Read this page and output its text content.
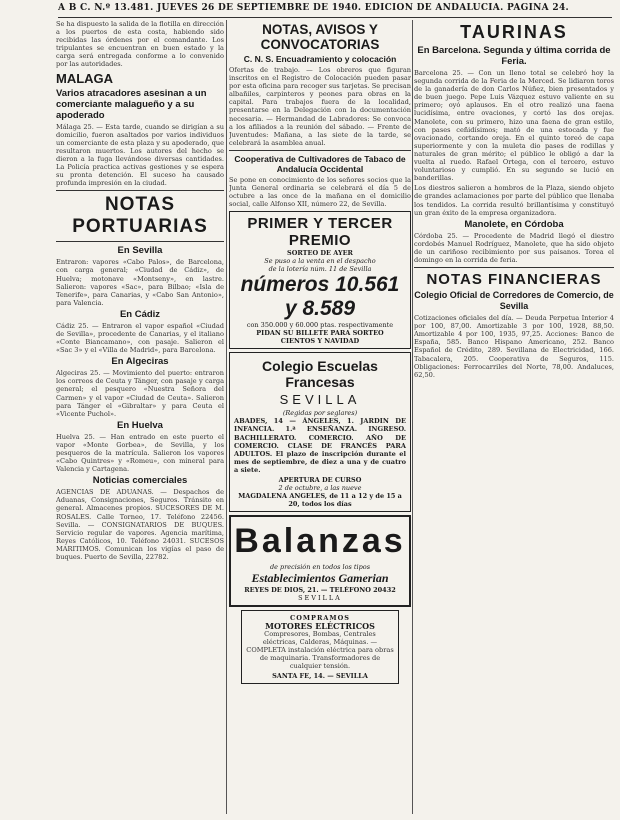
A B C. N.º 13.481. JUEVES 26 DE SEPTIEMBRE DE 1940. EDICION DE ANDALUCIA. PAGINA 24.

Se ha dispuesto la salida de la flotilla en dirección a los puertos de esta costa, habiendo sido recibidas las órdenes por el comandante. Los tripulantes se encuentran en buen estado y la carga será entregada conforme a lo convenido por las autoridades.

MALAGA
Varios atracadores asesinan a un comerciante malagueño y a su apoderado

Málaga 25. — Esta tarde, cuando se dirigían a su domicilio, fueron asaltados por varios individuos un comerciante de esta plaza y su apoderado, que resultaron muertos. Los autores del hecho se dieron a la fuga llevándose diversas cantidades. La Policía practica activas gestiones y se espera su pronta detención. El suceso ha causado profunda impresión en la ciudad.

NOTAS PORTUARIAS
En Sevilla

Entraron: vapores «Cabo Palos», de Barcelona, con carga general; «Ciudad de Cádiz», de Huelva; motonave «Montseny», en lastre. Salieron: vapores «Sac», para Bilbao; «Isla de Tenerife», para Canarias, y «Cabo San Antonio», para Valencia.

En Cádiz

Cádiz 25. — Entraron el vapor español «Ciudad de Sevilla», procedente de Canarias, y el italiano «Conte Biancamano», con pasaje. Salieron el «Sac 3» y el «Villa de Madrid», para Barcelona.

En Algeciras

Algeciras 25. — Movimiento del puerto: entraron los correos de Ceuta y Tánger, con pasaje y carga general; el pesquero «Nuestra Señora del Carmen» y el vapor «Ciudad de Ceuta». Salieron para Tánger el «Gibraltar» y para Ceuta el «Vicente Puchol».

En Huelva

Huelva 25. — Han entrado en este puerto el vapor «Monte Gorbea», de Sevilla, y los pesqueros de la matrícula. Salieron los vapores «Cabo Quintres» y «Romeu», con mineral para Valencia y Cartagena.

Noticias comerciales

AGENCIAS DE ADUANAS. — Despachos de Aduanas, Consignaciones, Seguros. Tránsito en general. Almacenes propios. SUCESORES DE M. ROSALES. Calle Torneo, 17. Teléfono 22456. Sevilla. — CONSIGNATARIOS DE BUQUES. Servicio regular de vapores. Agencia marítima, Reyes Católicos, 10. Teléfono 24031. SUCESOS MARITIMOS. Comunican los vigías el paso de buques. Puerto de Sevilla, 22782.

NOTAS, AVISOS Y CONVOCATORIAS
C. N. S. Encuadramiento y colocación

Ofertas de trabajo. — Los obreros que figuran inscritos en el Registro de Colocación pueden pasar por esta oficina para recoger sus tarjetas. Se precisan albañiles, carpinteros y peones para obras en la capital. Para trabajos fuera de la localidad, presentarse en la Delegación con la documentación necesaria. — Hermandad de Labradores: Se convoca a los afiliados a la reunión del sábado. — Frente de Juventudes: Mañana, a las siete de la tarde, se celebrará la asamblea anual.

Cooperativa de Cultivadores de Tabaco de Andalucía Occidental

Se pone en conocimiento de los señores socios que la Junta General ordinaria se celebrará el día 5 de octubre a las once de la mañana en el domicilio social, calle Alfonso XII, número 22, de Sevilla.

PRIMER Y TERCER PREMIO
SORTEO DE AYER
Se puso a la venta en el despacho
de la lotería núm. 11 de Sevilla
números 10.561 y 8.589
con 350.000 y 60.000 ptas. respectivamente
PIDAN SU BILLETE PARA SORTEO
CIENTOS Y NAVIDAD
Colegio Escuelas Francesas
SEVILLA
(Regidas por seglares)

ABADES, 14 — ÁNGELES, 1. JARDIN DE INFANCIA. 1.ª ENSEÑANZA. INGRESO. BACHILLERATO. COMERCIO. AÑO DE COMERCIO. CLASE DE FRANCÉS PARA ADULTOS. El plazo de inscripción durante el mes de septiembre, de diez a una y de cuatro a siete.

APERTURA DE CURSO
2 de octubre, a las nueve
MAGDALENA ANGELES, de 11 a 12 y de 15 a 20, todos los días
Balanzas
de precisión en todos los tipos
Establecimientos Gamerian
REYES DE DIOS, 21. — TELÉFONO 20432
SEVILLA
COMPRAMOS
MOTORES ELÉCTRICOS

Compresores, Bombas, Centrales eléctricas, Calderas, Máquinas. — COMPLETA instalación eléctrica para obras de maquinaria. Transformadores de cualquier tensión.

SANTA FE, 14. — SEVILLA
TAURINAS
En Barcelona. Segunda y última corrida de Feria.

Barcelona 25. — Con un lleno total se celebró hoy la segunda corrida de la Feria de la Merced. Se lidiaron toros de la ganadería de don Carlos Núñez, bien presentados y de buen juego. Pepe Luis Vázquez estuvo valiente en su primero; oyó aplausos. En el otro realizó una faena lucidísima, entre ovaciones, y cortó las dos orejas. Manolete, con su primero, hizo una faena de gran estilo, con pases ceñidísimos; mató de una estocada y fue ovacionado, cortando oreja. En el quinto toreó de capa superiormente y con la muleta dio pases de rodillas y naturales de gran mérito; el público le obligó a dar la vuelta al ruedo. Rafael Ortega, con el tercero, estuvo voluntarioso y cumplió. En su segundo se lució en banderillas.

Los diestros salieron a hombros de la Plaza, siendo objeto de grandes aclamaciones por parte del público que llenaba los tendidos. La corrida resultó brillantísima y constituyó un gran éxito de la empresa organizadora.

Manolete, en Córdoba

Córdoba 25. — Procedente de Madrid llegó el diestro cordobés Manuel Rodríguez, Manolete, que ha sido objeto de un cariñoso recibimiento por sus paisanos. Torea el domingo en la corrida de feria.

NOTAS FINANCIERAS
Colegio Oficial de Corredores de Comercio, de Sevilla

Cotizaciones oficiales del día. — Deuda Perpetua Interior 4 por 100, 87,00. Amortizable 3 por 100, 1928, 88,50. Amortizable 4 por 100, 1935, 97,25. Acciones: Banco de España, 585. Banco Hispano Americano, 252. Banco Español de Crédito, 289. Sevillana de Electricidad, 166. Tabacalera, 205. Cooperativa de Seguros, 115. Obligaciones: Ferrocarriles del Norte, 78,00. Andaluces, 62,50.
